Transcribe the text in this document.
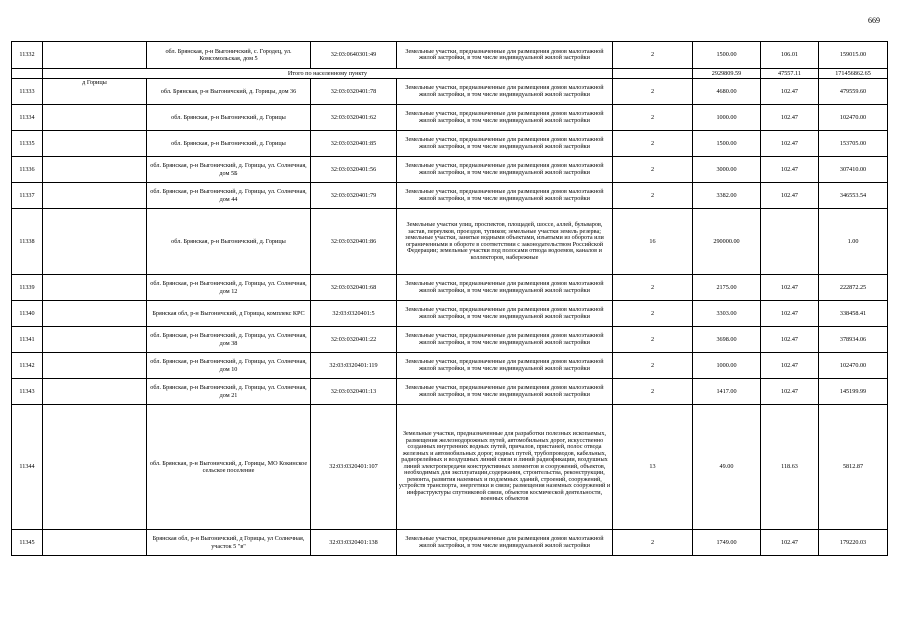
669
11332		обл. Брянская, р-н Выгоничский, с. Городец, ул. Комсомольская, дом 5	32:03:0640301:49	Земельные участки, предназначенные для размещения домов малоэтажной жилой застройки, в том числе индивидуальной жилой застройки	2	1500.00	106.01	159015.00
	Итого по населенному пункту					2929809.59	47557.11	171456862.65
11333	д Горицы	обл. Брянская, р-н Выгоничский, д. Горицы, дом 36	32:03:0320401:78	Земельные участки, предназначенные для размещения домов малоэтажной жилой застройки, в том числе индивидуальной жилой застройки	2	4680.00	102.47	479559.60
11334		обл. Брянская, р-н Выгоничский, д. Горицы	32:03:0320401:62	Земельные участки, предназначенные для размещения домов малоэтажной жилой застройки, в том числе индивидуальной жилой застройки	2	1000.00	102.47	102470.00
11335		обл. Брянская, р-н Выгоничский, д. Горицы	32:03:0320401:85	Земельные участки, предназначенные для размещения домов малоэтажной жилой застройки, в том числе индивидуальной жилой застройки	2	1500.00	102.47	153705.00
11336		обл. Брянская, р-н Выгоничский, д. Горицы, ул. Солнечная, дом 5Б	32:03:0320401:56	Земельные участки, предназначенные для размещения домов малоэтажной жилой застройки, в том числе индивидуальной жилой застройки	2	3000.00	102.47	307410.00
11337		обл. Брянская, р-н Выгоничский, д. Горицы, ул. Солнечная, дом 44	32:03:0320401:79	Земельные участки, предназначенные для размещения домов малоэтажной жилой застройки, в том числе индивидуальной жилой застройки	2	3382.00	102.47	346553.54
11338		обл. Брянская, р-н Выгоничский, д. Горицы	32:03:0320401:86	Земельные участки улиц, проспектов, площадей, шоссе, аллей, бульваров, застав, переулков, проездов, тупиков; земельные участки земель резерва; земельные участки, занятые водными объектами, изъятыми из оборота или ограниченными в обороте в соответствии с законодательством Российской Федерации; земельные участки под полосами отвода водоемов, каналов и коллекторов, набережные	16	290000.00		1.00
11339		обл. Брянская, р-н Выгоничский, д. Горицы, ул. Солнечная, дом 12	32:03:0320401:68	Земельные участки, предназначенные для размещения домов малоэтажной жилой застройки, в том числе индивидуальной жилой застройки	2	2175.00	102.47	222872.25
11340		Брянская обл, р-н Выгоничский, д Горицы, комплекс КРС	32:03:0320401:5	Земельные участки, предназначенные для размещения домов малоэтажной жилой застройки, в том числе индивидуальной жилой застройки	2	3303.00	102.47	338458.41
11341		обл. Брянская, р-н Выгоничский, д. Горицы, ул. Солнечная, дом 38	32:03:0320401:22	Земельные участки, предназначенные для размещения домов малоэтажной жилой застройки, в том числе индивидуальной жилой застройки	2	3698.00	102.47	378934.06
11342		обл. Брянская, р-н Выгоничский, д. Горицы, ул. Солнечная, дом 10	32:03:0320401:119	Земельные участки, предназначенные для размещения домов малоэтажной жилой застройки, в том числе индивидуальной жилой застройки	2	1000.00	102.47	102470.00
11343		обл. Брянская, р-н Выгоничский, д. Горицы, ул. Солнечная, дом 21	32:03:0320401:13	Земельные участки, предназначенные для размещения домов малоэтажной жилой застройки, в том числе индивидуальной жилой застройки	2	1417.00	102.47	145199.99
11344		обл. Брянская, р-н Выгоничский, д. Горицы, МО Кокинское сельское поселение	32:03:0320401:107	Земельные участки, предназначенные для разработки полезных ископаемых, размещения железнодорожных путей, автомобильных дорог, искусственно созданных внутренних водных путей, причалов, пристаней, полос отвода железных и автомобильных дорог, водных путей, трубопроводов, кабельных, радиорелейных и воздушных линий связи и линий радиофикации, воздушных линий электропередачи конструктивных элементов и сооружений, объектов, необходимых для эксплуатации,содержания, строительства, реконструкции, ремонта, развития наземных и подземных зданий, строений, сооружений, устройств транспорта, энергетики и связи; размещения наземных сооружений и инфраструктуры спутниковой связи, объектов космической деятельности, военных объектов	13	49.00	118.63	5812.87
11345		Брянская обл, р-н Выгоничский, д Горицы, ул Солнечная, участок 5 "в"	32:03:0320401:138	Земельные участки, предназначенные для размещения домов малоэтажной жилой застройки, в том числе индивидуальной жилой застройки	2	1749.00	102.47	179220.03
